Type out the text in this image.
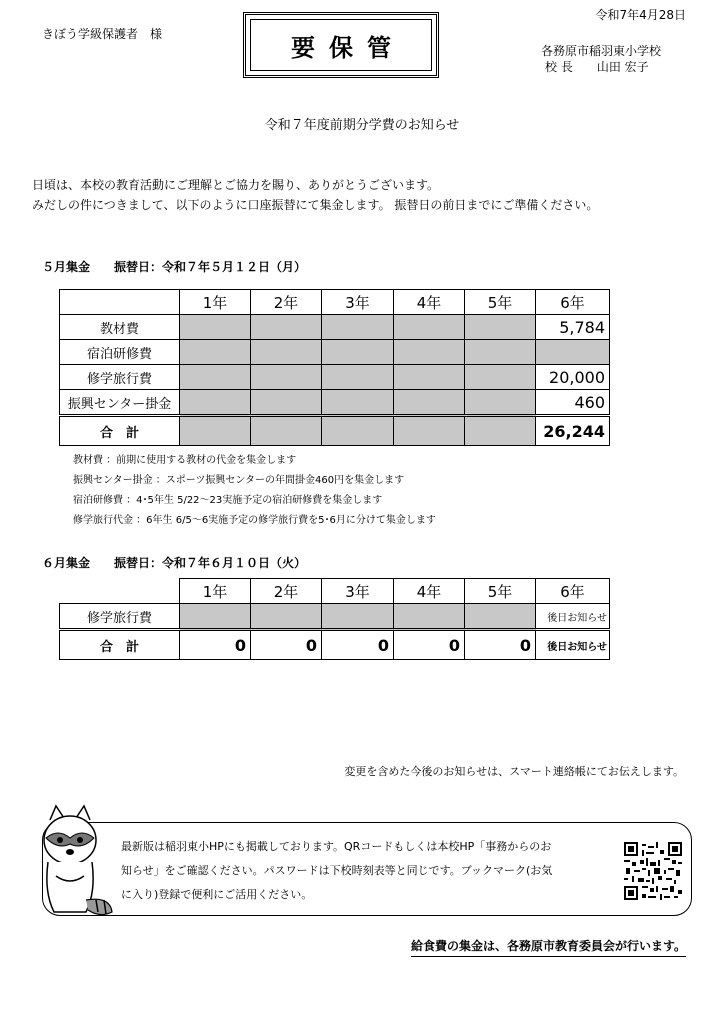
令和7年4月28日
きぼう学級保護者　様	要保管	各務原市稲羽東小学校
校 長　　山田 宏子
令和７年度前期分学費のお知らせ
日頃は、本校の教育活動にご理解とご協力を賜り、ありがとうございます。
みだしの件につきまして、以下のように口座振替にて集金します。 振替日の前日までにご準備ください。
５月集金　　振替日：令和７年５月１２日（月）
	1年	2年	3年	4年	5年	6年
教材費						5,784
宿泊研修費						
修学旅行費						20,000
振興センター掛金						460
合　計						26,244
教材費 ：前期に使用する教材の代金を集金します
振興センター掛金 ：スポーツ振興センターの年間掛金460円を集金します
宿泊研修費 ：4･5年生 5/22～23実施予定の宿泊研修費を集金します
修学旅行代金 ：6年生 6/5～6実施予定の修学旅行費を5･6月に分けて集金します
６月集金　　振替日：令和７年６月１０日（火）
	1年	2年	3年	4年	5年	6年
修学旅行費						後日お知らせ
合　計	0	0	0	0	0	後日お知らせ
変更を含めた今後のお知らせは、スマート連絡帳にてお伝えします。
最新版は稲羽東小HPにも掲載しております。QRコードもしくは本校HP「事務からのお知らせ」をご確認ください。パスワードは下校時刻表等と同じです。ブックマーク(お気に入り)登録で便利にご活用ください。
給食費の集金は、各務原市教育委員会が行います。
